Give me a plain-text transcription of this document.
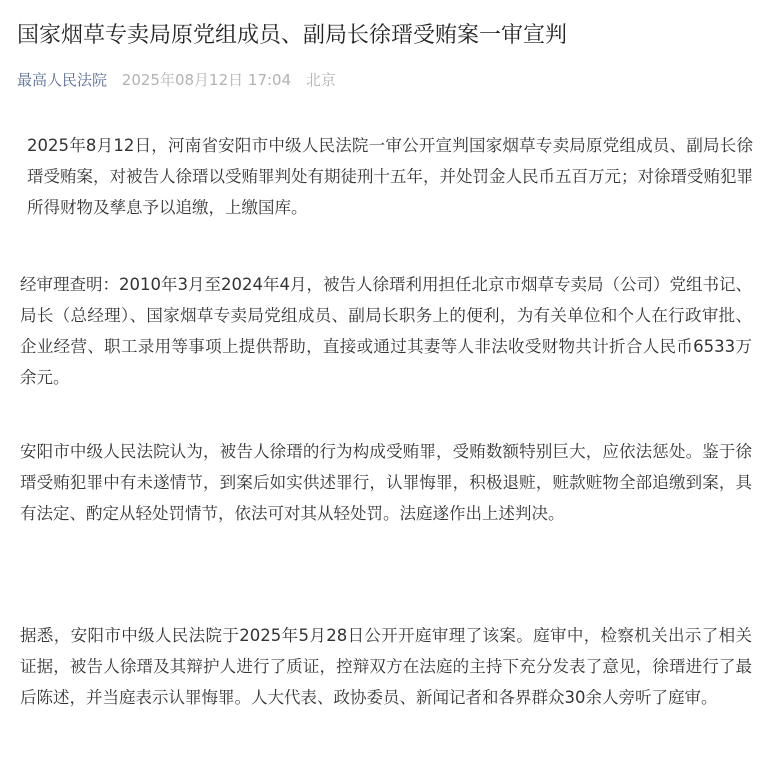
国家烟草专卖局原党组成员、副局长徐瑨受贿案一审宣判
最高人民法院 2025年08月12日 17:04 北京

2025年8月12日，河南省安阳市中级人民法院一审公开宣判国家烟草专卖局原党组成员、副局长徐瑨受贿案，对被告人徐瑨以受贿罪判处有期徒刑十五年，并处罚金人民币五百万元；对徐瑨受贿犯罪所得财物及孳息予以追缴，上缴国库。

经审理查明：2010年3月至2024年4月，被告人徐瑨利用担任北京市烟草专卖局（公司）党组书记、局长（总经理）、国家烟草专卖局党组成员、副局长职务上的便利，为有关单位和个人在行政审批、企业经营、职工录用等事项上提供帮助，直接或通过其妻等人非法收受财物共计折合人民币6533万余元。

安阳市中级人民法院认为，被告人徐瑨的行为构成受贿罪，受贿数额特别巨大，应依法惩处。鉴于徐瑨受贿犯罪中有未遂情节，到案后如实供述罪行，认罪悔罪，积极退赃，赃款赃物全部追缴到案，具有法定、酌定从轻处罚情节，依法可对其从轻处罚。法庭遂作出上述判决。

据悉，安阳市中级人民法院于2025年5月28日公开开庭审理了该案。庭审中，检察机关出示了相关证据，被告人徐瑨及其辩护人进行了质证，控辩双方在法庭的主持下充分发表了意见，徐瑨进行了最后陈述，并当庭表示认罪悔罪。人大代表、政协委员、新闻记者和各界群众30余人旁听了庭审。
